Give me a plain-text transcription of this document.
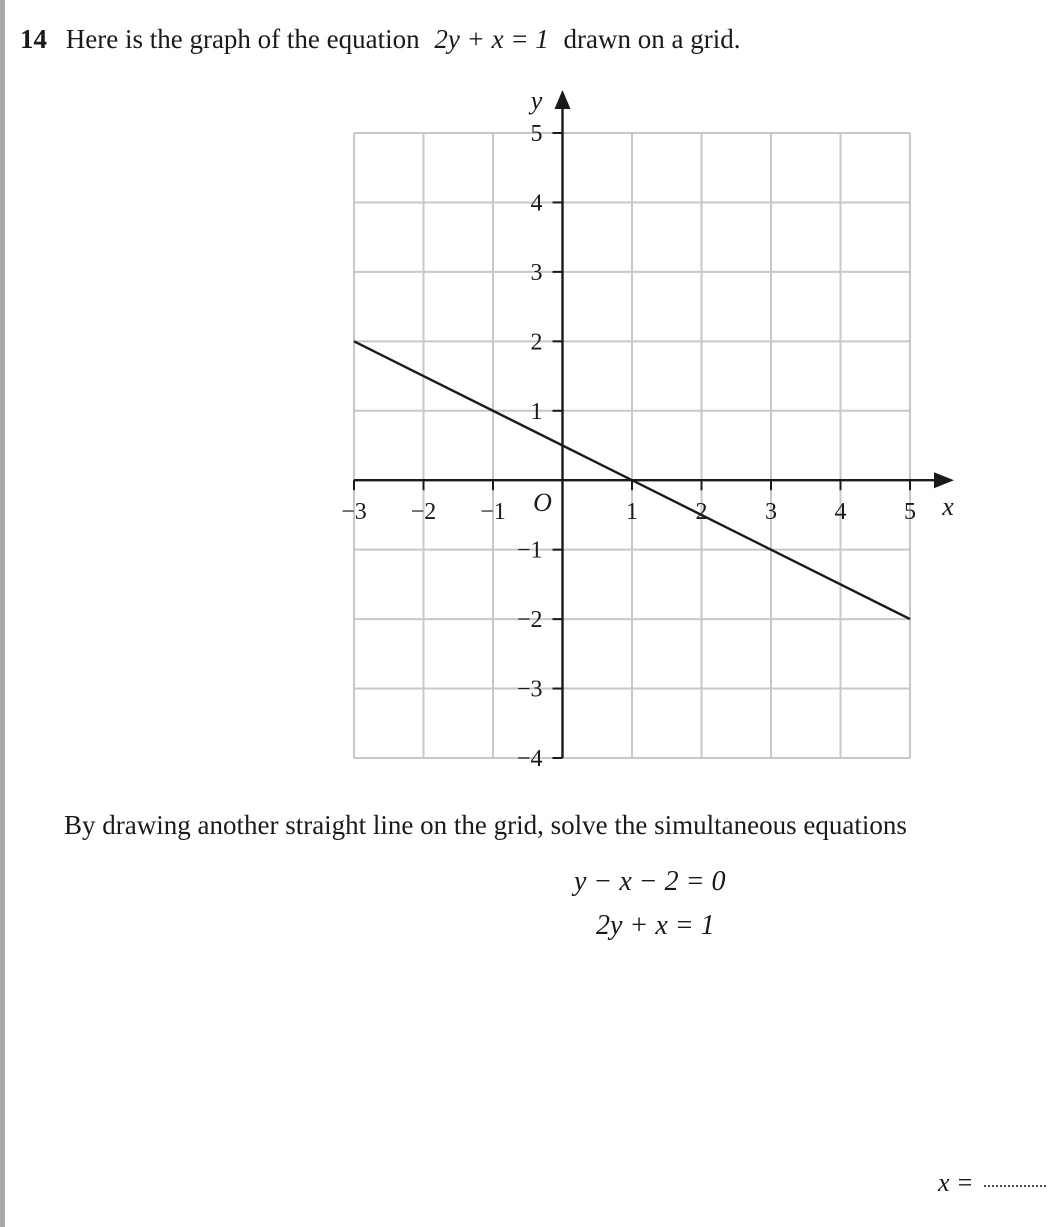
14 Here is the graph of the equation 2y + x = 1 drawn on a grid.
−3 −2 −1	1 2 3 4 5
5
4
3
2
1
−1
−2
−3
−4
x
y
O
By drawing another straight line on the grid, solve the simultaneous equations
y − x − 2 = 0
2y + x = 1
x =
